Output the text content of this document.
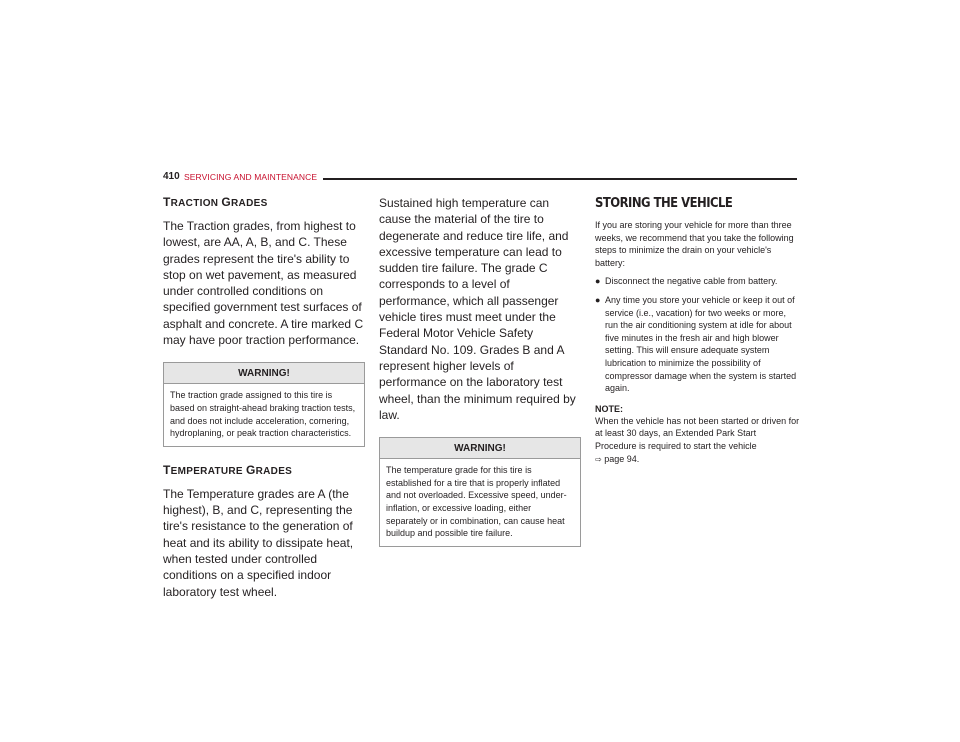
410 SERVICING AND MAINTENANCE
TRACTION GRADES

The Traction grades, from highest to lowest, are AA, A, B, and C. These grades represent the tire's ability to stop on wet pavement, as measured under controlled conditions on specified government test surfaces of asphalt and concrete. A tire marked C may have poor traction performance.

WARNING!
The traction grade assigned to this tire is based on straight-ahead braking traction tests, and does not include acceleration, cornering, hydroplaning, or peak traction characteristics.
TEMPERATURE GRADES

The Temperature grades are A (the highest), B, and C, representing the tire's resistance to the generation of heat and its ability to dissipate heat, when tested under controlled conditions on a specified indoor laboratory test wheel.

Sustained high temperature can cause the material of the tire to degenerate and reduce tire life, and excessive temperature can lead to sudden tire failure. The grade C corresponds to a level of performance, which all passenger vehicle tires must meet under the Federal Motor Vehicle Safety Standard No. 109. Grades B and A represent higher levels of performance on the laboratory test wheel, than the minimum required by law.

WARNING!
The temperature grade for this tire is established for a tire that is properly inflated and not overloaded. Excessive speed, under-inflation, or excessive loading, either separately or in combination, can cause heat buildup and possible tire failure.
STORING THE VEHICLE

If you are storing your vehicle for more than three weeks, we recommend that you take the following steps to minimize the drain on your vehicle's battery:

● Disconnect the negative cable from battery.
● Any time you store your vehicle or keep it out of service (i.e., vacation) for two weeks or more, run the air conditioning system at idle for about five minutes in the fresh air and high blower setting. This will ensure adequate system lubrication to minimize the possibility of compressor damage when the system is started again.
NOTE:

When the vehicle has not been started or driven for at least 30 days, an Extended Park Start Procedure is required to start the vehicle
⇨ page 94.
